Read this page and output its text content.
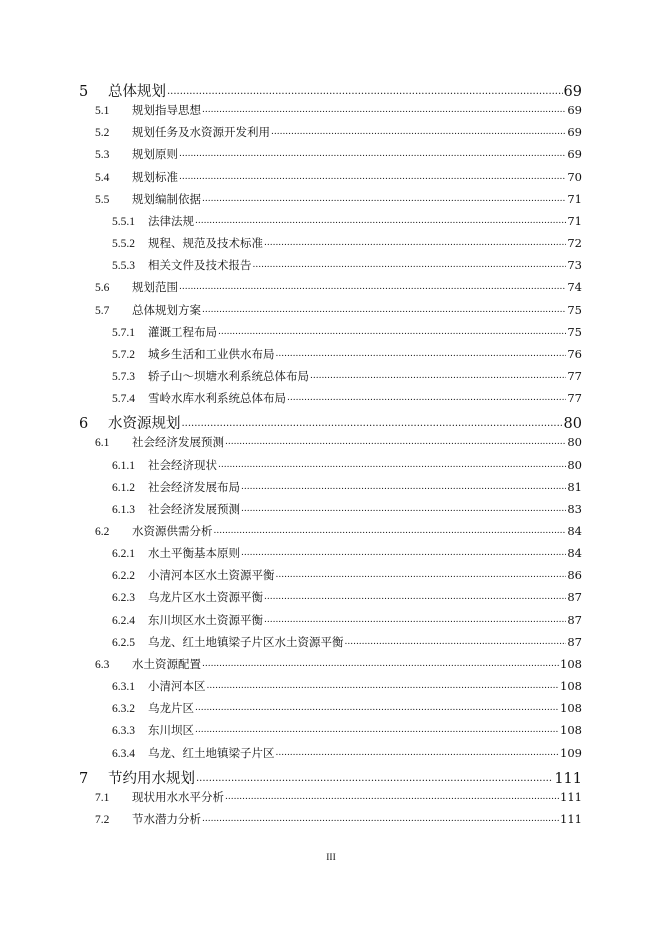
5	总体规划 .....	69
5.1	规划指导思想 .....	69
5.2	规划任务及水资源开发利用 .....	69
5.3	规划原则 .....	69
5.4	规划标准 .....	70
5.5	规划编制依据 .....	71
5.5.1	法律法规 .....	71
5.5.2	规程、规范及技术标准 .....	72
5.5.3	相关文件及技术报告 .....	73
5.6	规划范围 .....	74
5.7	总体规划方案 .....	75
5.7.1	灌溉工程布局 .....	75
5.7.2	城乡生活和工业供水布局 .....	76
5.7.3	轿子山～坝塘水利系统总体布局 .....	77
5.7.4	雪岭水库水利系统总体布局 .....	77
6	水资源规划 .....	80
6.1	社会经济发展预测 .....	80
6.1.1	社会经济现状 .....	80
6.1.2	社会经济发展布局 .....	81
6.1.3	社会经济发展预测 .....	83
6.2	水资源供需分析 .....	84
6.2.1	水土平衡基本原则 .....	84
6.2.2	小清河本区水土资源平衡 .....	86
6.2.3	乌龙片区水土资源平衡 .....	87
6.2.4	东川坝区水土资源平衡 .....	87
6.2.5	乌龙、红土地镇梁子片区水土资源平衡 .....	87
6.3	水土资源配置 .....	108
6.3.1	小清河本区 .....	108
6.3.2	乌龙片区 .....	108
6.3.3	东川坝区 .....	108
6.3.4	乌龙、红土地镇梁子片区 .....	109
7	节约用水规划 .....	111
7.1	现状用水水平分析 .....	111
7.2	节水潜力分析 .....	111
III
